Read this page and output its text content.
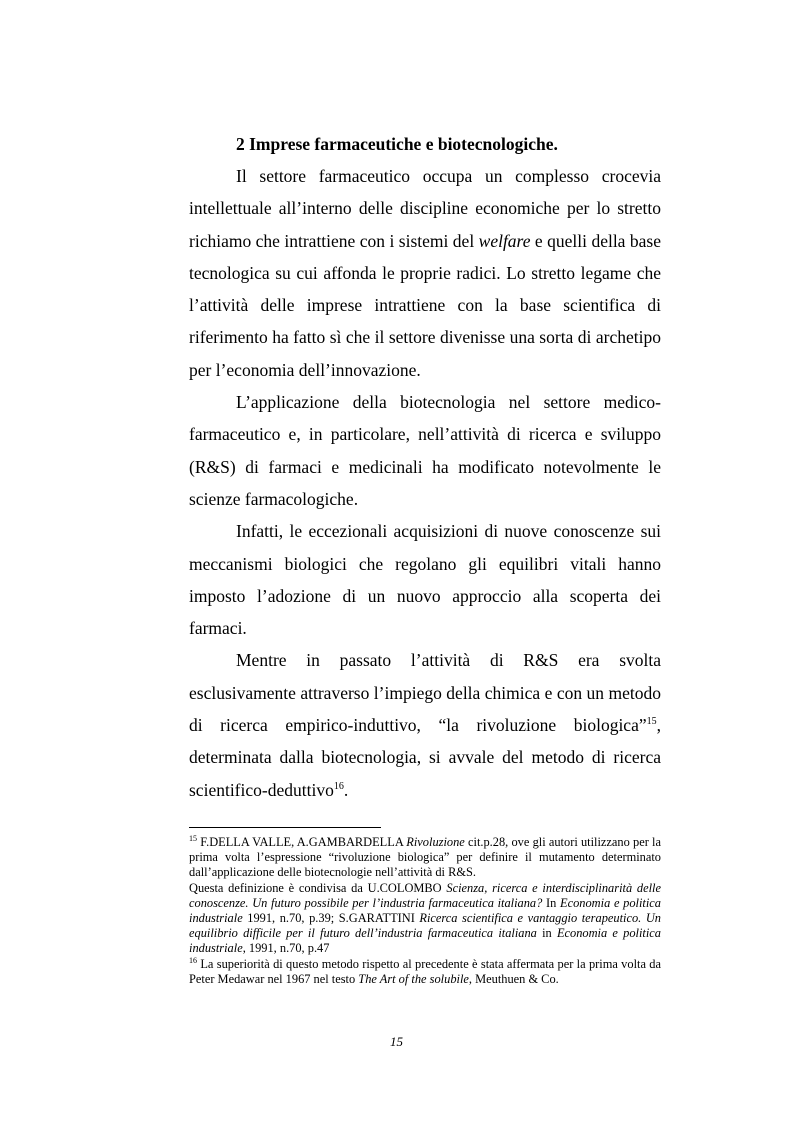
2 Imprese farmaceutiche e biotecnologiche.

Il settore farmaceutico occupa un complesso crocevia intellettuale all’interno delle discipline economiche per lo stretto richiamo che intrattiene con i sistemi del welfare e quelli della base tecnologica su cui affonda le proprie radici. Lo stretto legame che l’attività delle imprese intrattiene con la base scientifica di riferimento ha fatto sì che il settore divenisse una sorta di archetipo per l’economia dell’innovazione.

L’applicazione della biotecnologia nel settore medico-farmaceutico e, in particolare, nell’attività di ricerca e sviluppo (R&S) di farmaci e medicinali ha modificato notevolmente le scienze farmacologiche.

Infatti, le eccezionali acquisizioni di nuove conoscenze sui meccanismi biologici che regolano gli equilibri vitali hanno imposto l’adozione di un nuovo approccio alla scoperta dei farmaci.

Mentre in passato l’attività di R&S era svolta esclusivamente attraverso l’impiego della chimica e con un metodo di ricerca empirico-induttivo, “la rivoluzione biologica”$^{15}$, determinata dalla biotecnologia, si avvale del metodo di ricerca scientifico-deduttivo$^{16}$.

$^{15}$ F.DELLA VALLE, A.GAMBARDELLA Rivoluzione cit.p.28, ove gli autori utilizzano per la prima volta l’espressione “rivoluzione biologica” per definire il mutamento determinato dall’applicazione delle biotecnologie nell’attività di R&S.

Questa definizione è condivisa da U.COLOMBO Scienza, ricerca e interdisciplinarità delle conoscenze. Un futuro possibile per l’industria farmaceutica italiana? In Economia e politica industriale 1991, n.70, p.39; S.GARATTINI Ricerca scientifica e vantaggio terapeutico. Un equilibrio difficile per il futuro dell’industria farmaceutica italiana in Economia e politica industriale, 1991, n.70, p.47

$^{16}$ La superiorità di questo metodo rispetto al precedente è stata affermata per la prima volta da Peter Medawar nel 1967 nel testo The Art of the solubile, Meuthuen & Co.

15
